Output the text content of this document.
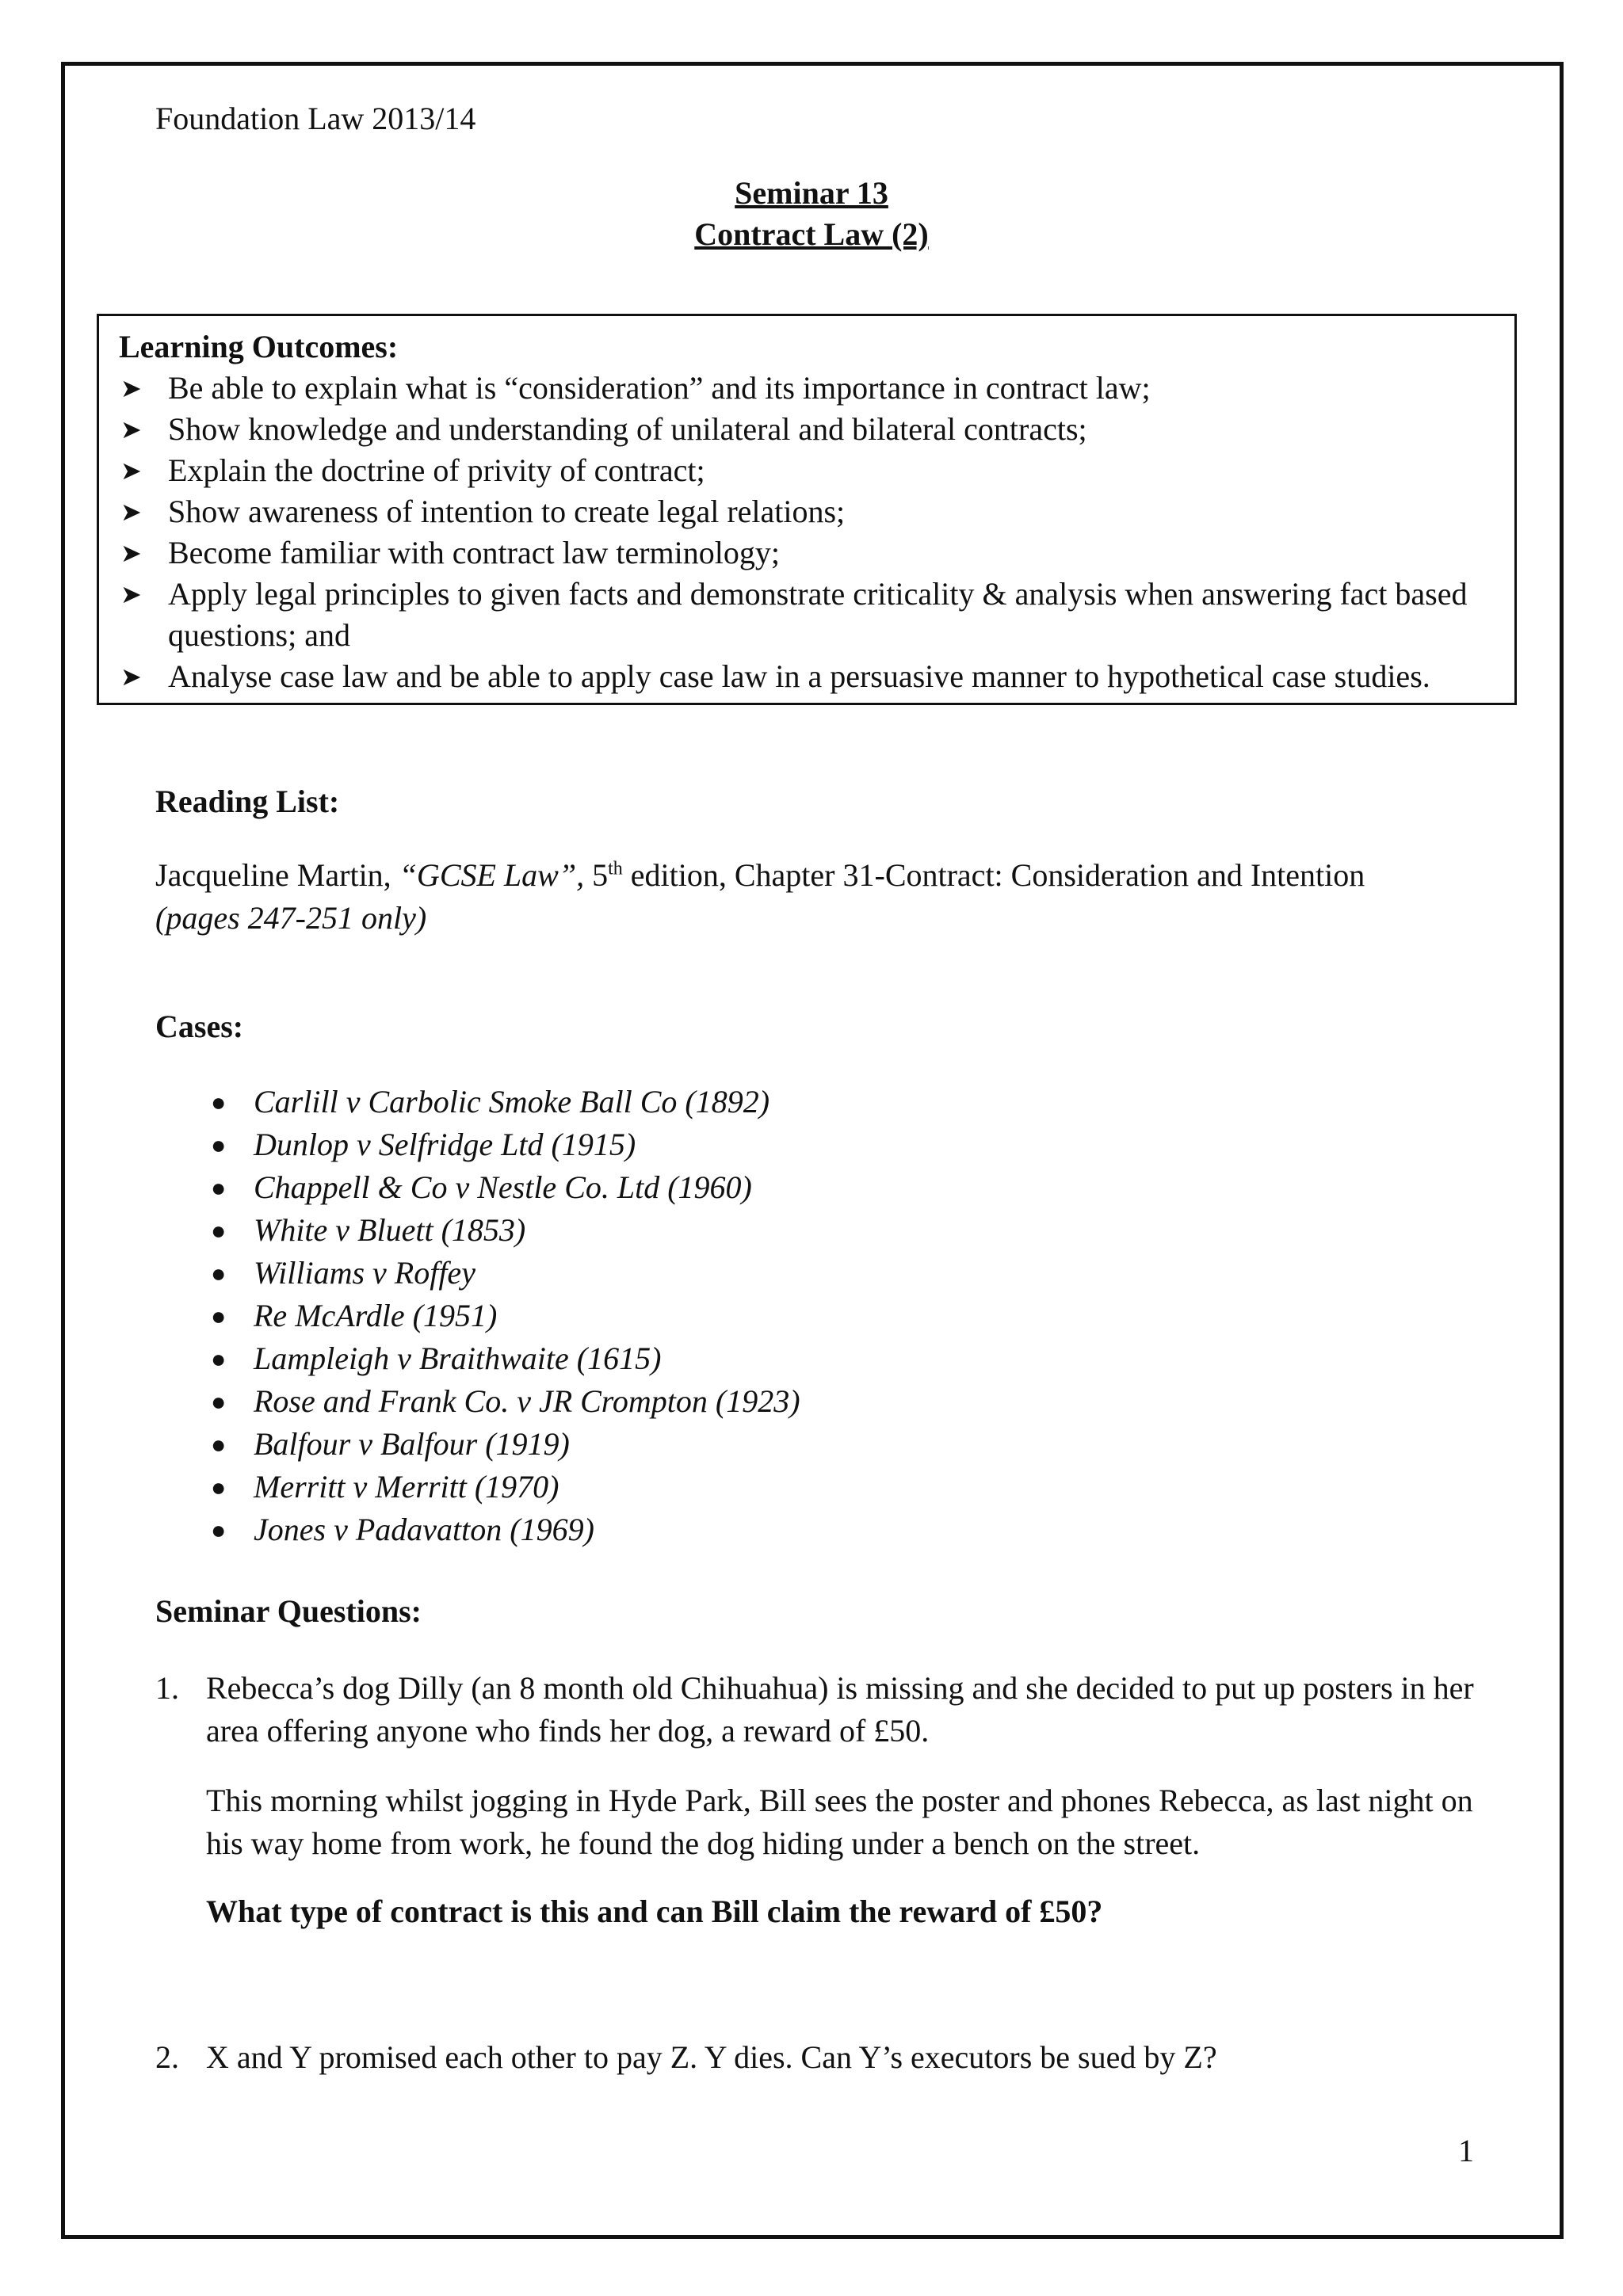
Foundation Law 2013/14
Seminar 13
Contract Law (2)
Learning Outcomes:
➤ Be able to explain what is “consideration” and its importance in contract law;
➤ Show knowledge and understanding of unilateral and bilateral contracts;
➤ Explain the doctrine of privity of contract;
➤ Show awareness of intention to create legal relations;
➤ Become familiar with contract law terminology;
➤ Apply legal principles to given facts and demonstrate criticality & analysis when answering fact based questions; and
➤ Analyse case law and be able to apply case law in a persuasive manner to hypothetical case studies.
Reading List:
Jacqueline Martin, “GCSE Law”, 5th edition, Chapter 31-Contract: Consideration and Intention
(pages 247-251 only)
Cases:
● Carlill v Carbolic Smoke Ball Co (1892)
● Dunlop v Selfridge Ltd (1915)
● Chappell & Co v Nestle Co. Ltd (1960)
● White v Bluett (1853)
● Williams v Roffey
● Re McArdle (1951)
● Lampleigh v Braithwaite (1615)
● Rose and Frank Co. v JR Crompton (1923)
● Balfour v Balfour (1919)
● Merritt v Merritt (1970)
● Jones v Padavatton (1969)
Seminar Questions:
1. Rebecca’s dog Dilly (an 8 month old Chihuahua) is missing and she decided to put up posters in her area offering anyone who finds her dog, a reward of £50.
This morning whilst jogging in Hyde Park, Bill sees the poster and phones Rebecca, as last night on his way home from work, he found the dog hiding under a bench on the street.
What type of contract is this and can Bill claim the reward of £50?
2. X and Y promised each other to pay Z. Y dies. Can Y’s executors be sued by Z?
1
